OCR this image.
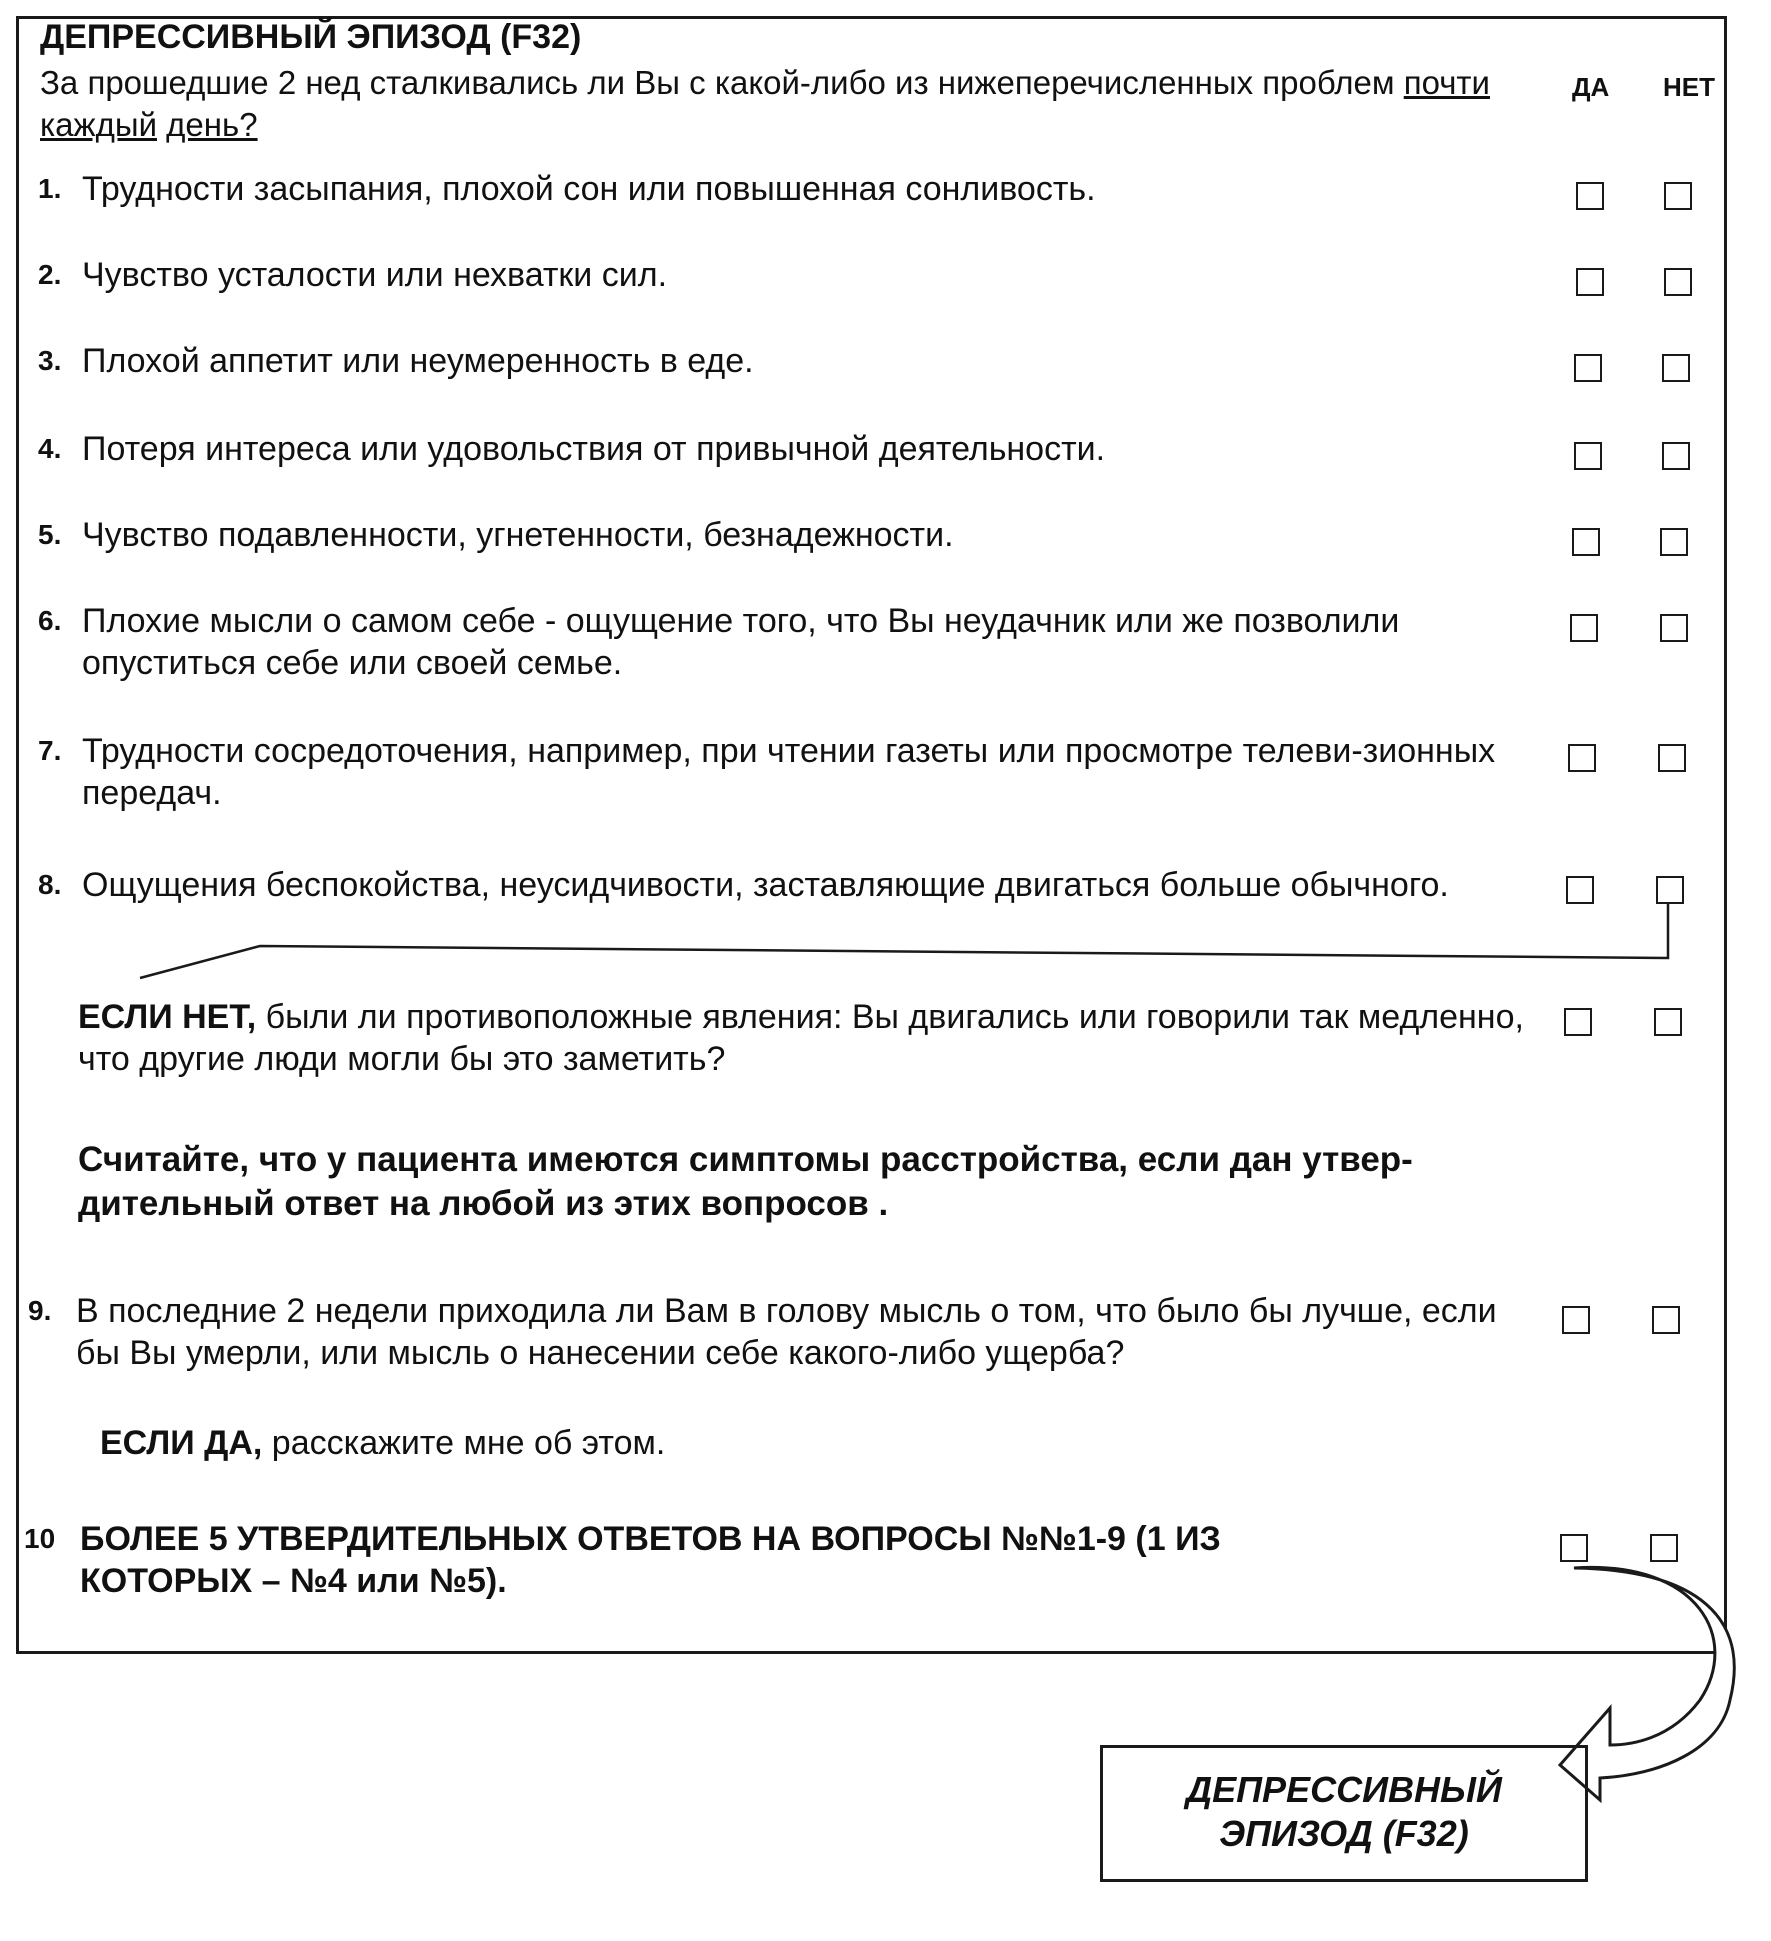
ДЕПРЕССИВНЫЙ ЭПИЗОД (F32)

За прошедшие 2 нед сталкивались ли Вы с какой-либо из нижеперечисленных проблем почти каждый день?

ДА НЕТ
1. Трудности засыпания, плохой сон или повышенная сонливость.
2. Чувство усталости или нехватки сил.
3. Плохой аппетит или неумеренность в еде.
4. Потеря интереса или удовольствия от привычной деятельности.
5. Чувство подавленности, угнетенности, безнадежности.
6. Плохие мысли о самом себе - ощущение того, что Вы неудачник или же позволили опуститься себе или своей семье.
7. Трудности сосредоточения, например, при чтении газеты или просмотре телеви-зионных передач.
8. Ощущения беспокойства, неусидчивости, заставляющие двигаться больше обычного.
ЕСЛИ НЕТ, были ли противоположные явления: Вы двигались или говорили так медленно, что другие люди могли бы это заметить?
Считайте, что у пациента имеются симптомы расстройства, если дан утвер-дительный ответ на любой из этих вопросов .
9. В последние 2 недели приходила ли Вам в голову мысль о том, что было бы лучше, если бы Вы умерли, или мысль о нанесении себе какого-либо ущерба?
ЕСЛИ ДА, расскажите мне об этом.
10 БОЛЕЕ 5 УТВЕРДИТЕЛЬНЫХ ОТВЕТОВ НА ВОПРОСЫ №№1-9 (1 ИЗ КОТОРЫХ – №4 или №5).
ДЕПРЕССИВНЫЙ
ЭПИЗОД (F32)
